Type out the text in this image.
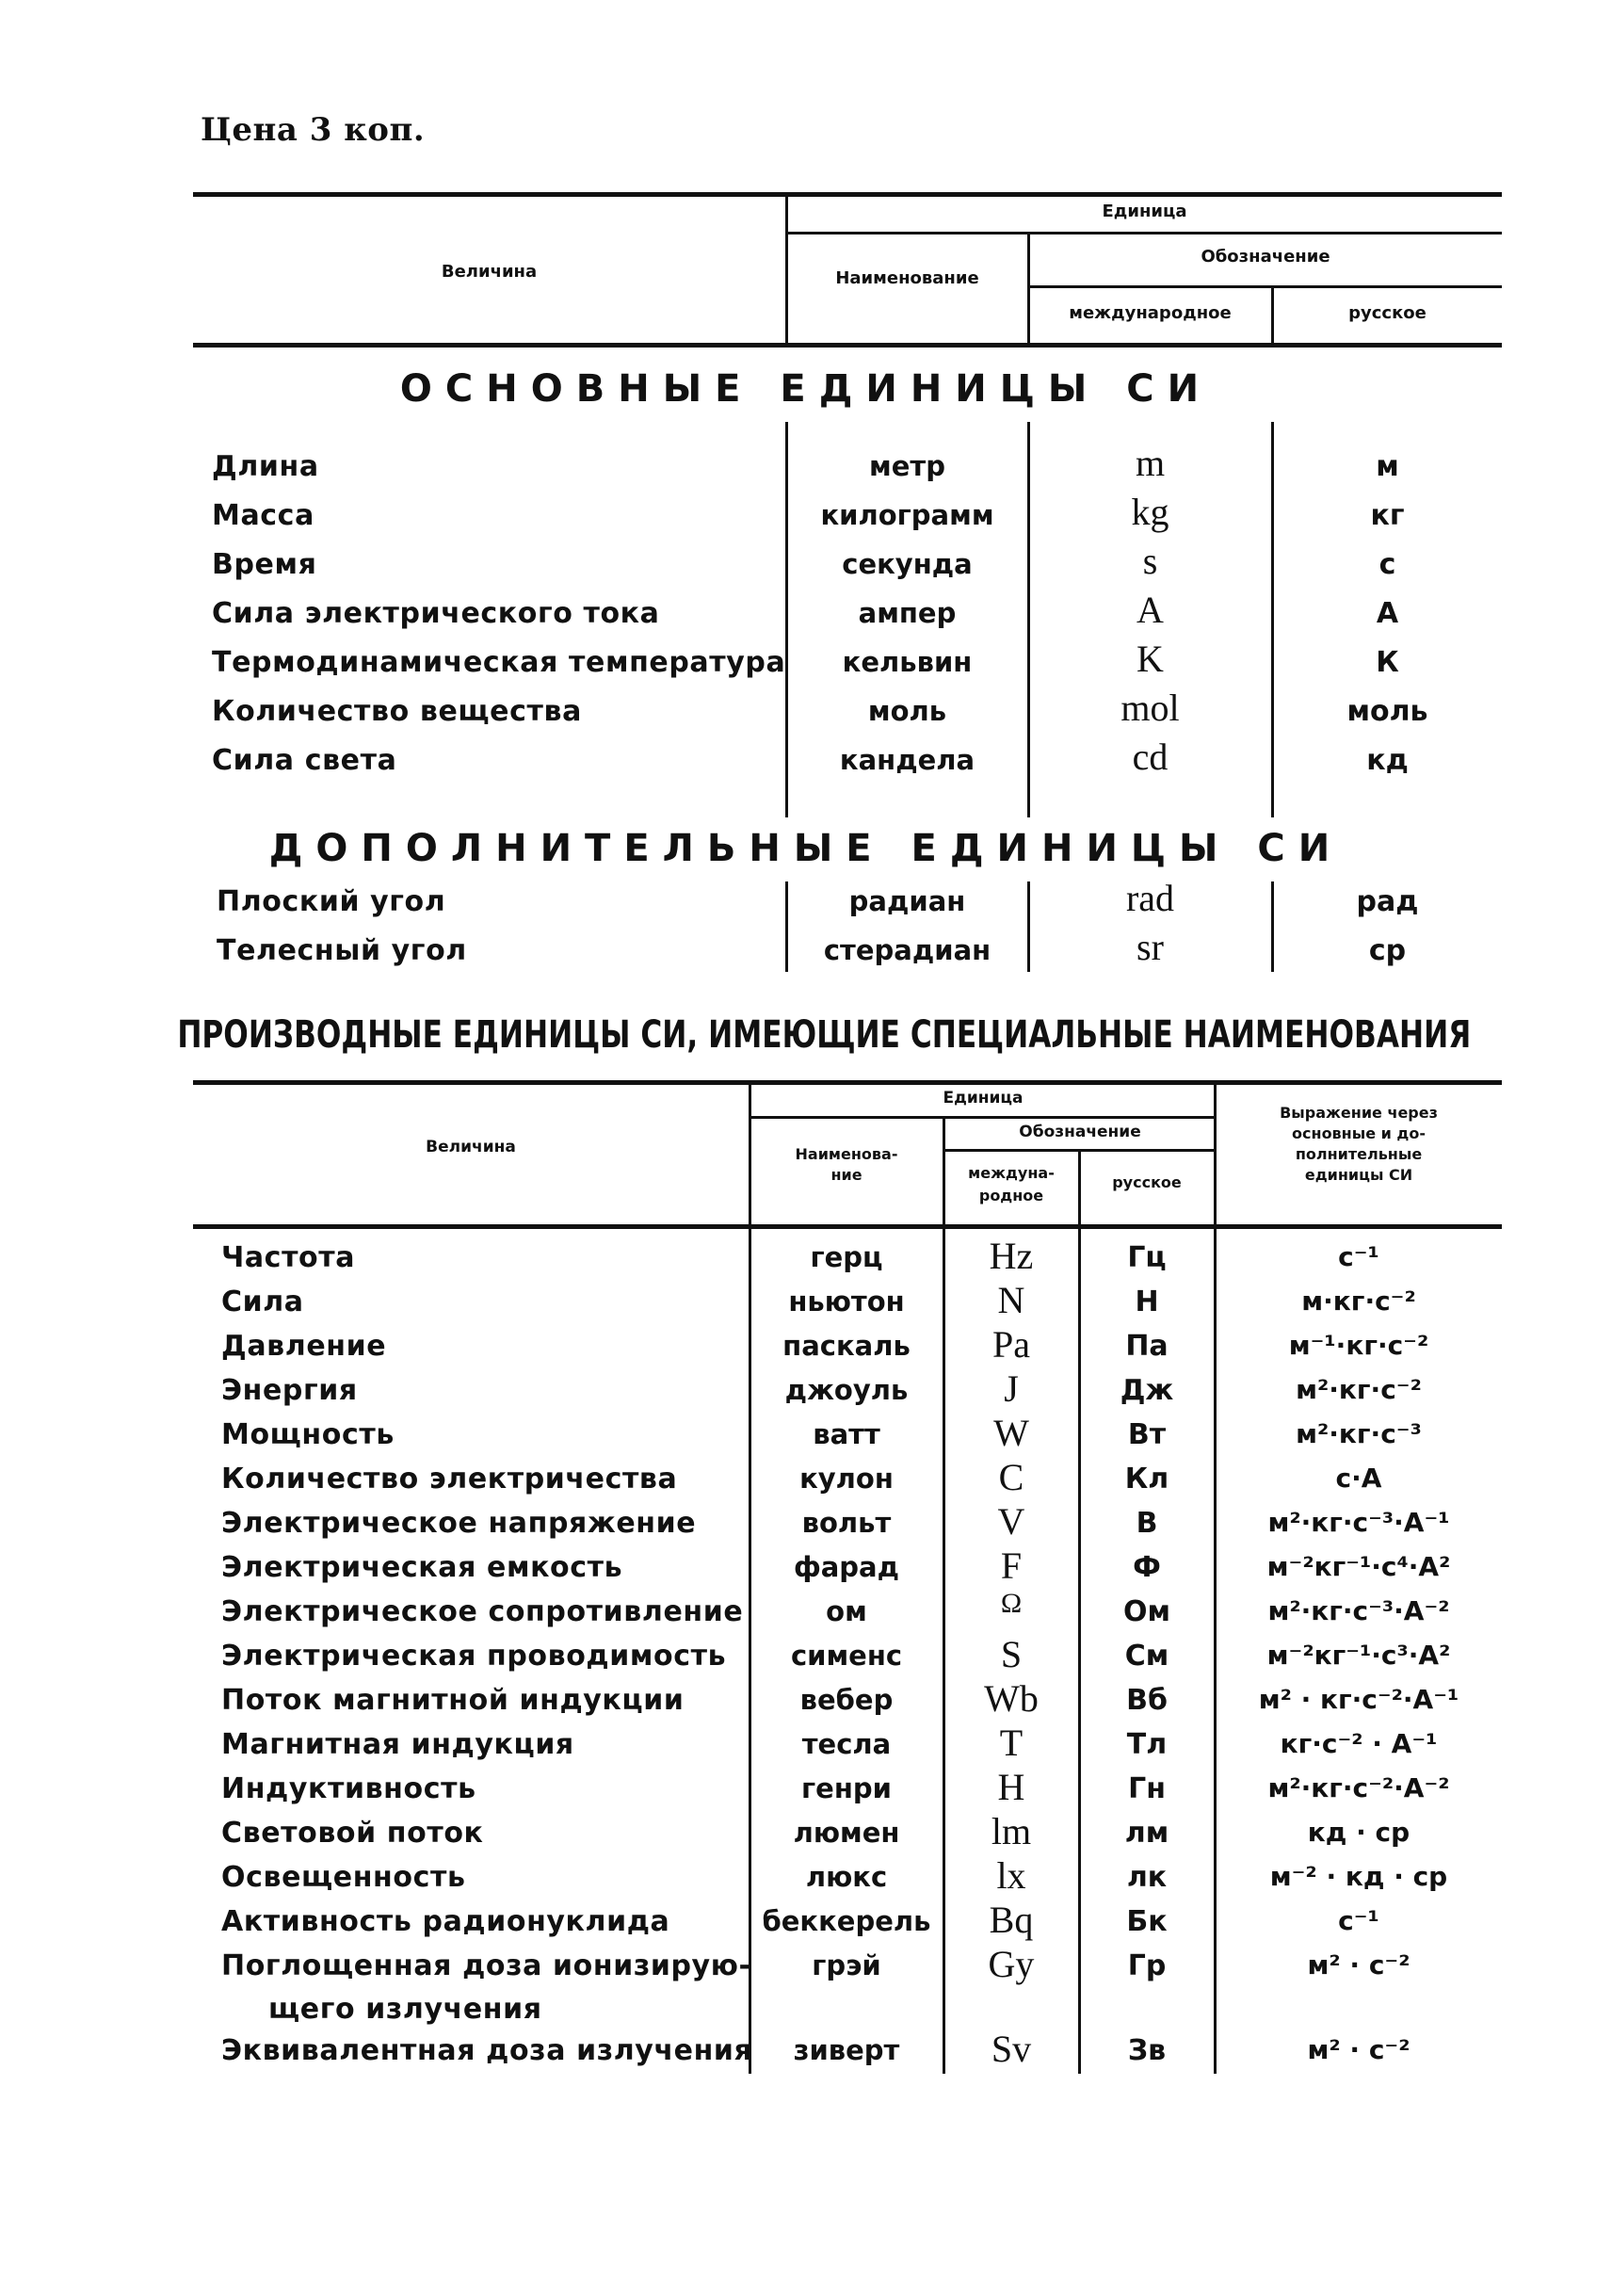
Цена 3 коп.
Величина
Единица
Наименование
Обозначение
международное	русское
ОСНОВНЫЕ ЕДИНИЦЫ СИ
Длина	метр	m	м
Масса	килограмм	kg	кг
Время	секунда	s	с
Сила электрического тока	ампер	A	А
Термодинамическая температура	кельвин	K	К
Количество вещества	моль	mol	моль
Сила света	кандела	cd	кд
ДОПОЛНИТЕЛЬНЫЕ ЕДИНИЦЫ СИ
Плоский угол	радиан	rad	рад
Телесный угол	стерадиан	sr	ср
ПРОИЗВОДНЫЕ ЕДИНИЦЫ СИ, ИМЕЮЩИЕ СПЕЦИАЛЬНЫЕ НАИМЕНОВАНИЯ
Величина
Единица
Наименова-
ние
Обозначение
междуна-
родное
русское
Выражение через
основные и до-
полнительные
единицы СИ
Частота	герц	Hz	Гц	с⁻¹
Сила	ньютон	N	Н	м·кг·с⁻²
Давление	паскаль	Pa	Па	м⁻¹·кг·с⁻²
Энергия	джоуль	J	Дж	м²·кг·с⁻²
Мощность	ватт	W	Вт	м²·кг·с⁻³
Количество электричества	кулон	C	Кл	с·А
Электрическое напряжение	вольт	V	В	м²·кг·с⁻³·А⁻¹
Электрическая емкость	фарад	F	Ф	м⁻²кг⁻¹·с⁴·А²
Электрическое сопротивление	ом	Ω	Ом	м²·кг·с⁻³·А⁻²
Электрическая проводимость	сименс	S	См	м⁻²кг⁻¹·с³·А²
Поток магнитной индукции	вебер	Wb	Вб	м² · кг·с⁻²·А⁻¹
Магнитная индукция	тесла	T	Тл	кг·с⁻² · А⁻¹
Индуктивность	генри	H	Гн	м²·кг·с⁻²·А⁻²
Световой поток	люмен	lm	лм	кд · ср
Освещенность	люкс	lx	лк	м⁻² · кд · ср
Активность радионуклида	беккерель	Bq	Бк	с⁻¹
Поглощенная доза ионизирую-
щего излучения
грэй	Gy	Гр	м² · с⁻²
Эквивалентная доза излучения	зиверт	Sv	Зв	м² · с⁻²
